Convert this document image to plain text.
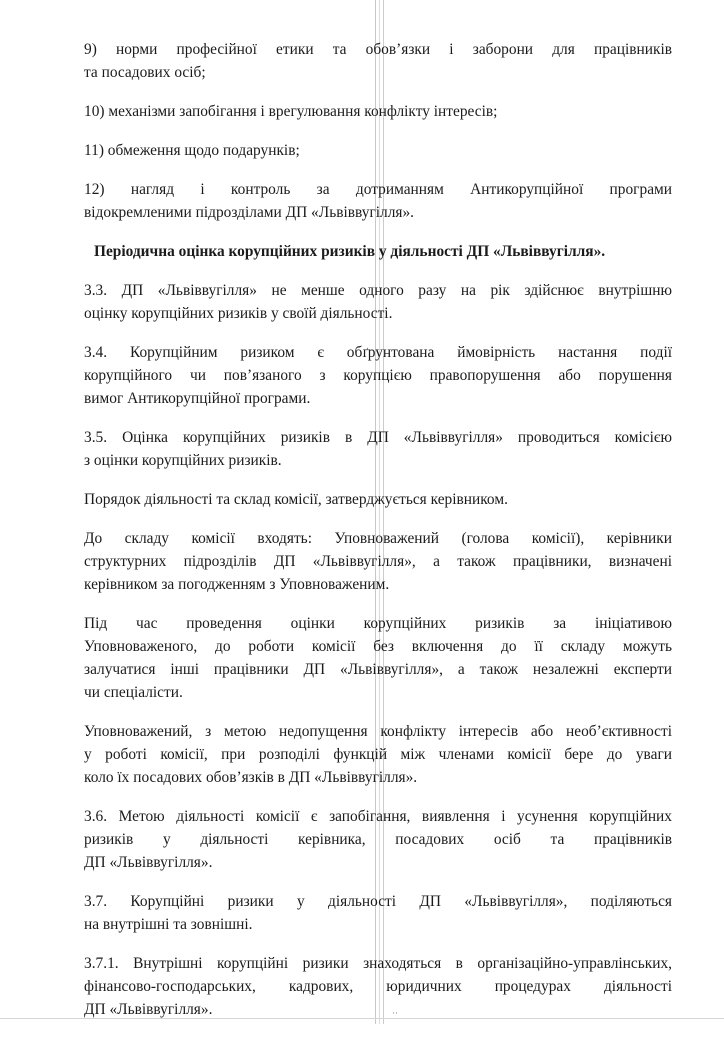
9) норми професійної етики та обов’язки і заборони для працівників
та посадових осіб;
10) механізми запобігання і врегулювання конфлікту інтересів;
11) обмеження щодо подарунків;
12) нагляд і контроль за дотриманням Антикорупційної програми
відокремленими підрозділами ДП «Львіввугілля».
Періодична оцінка корупційних ризиків у діяльності ДП «Львіввугілля».
3.3. ДП «Львіввугілля» не менше одного разу на рік здійснює внутрішню
оцінку корупційних ризиків у своїй діяльності.
3.4. Корупційним ризиком є обґрунтована ймовірність настання події
корупційного чи пов’язаного з корупцією правопорушення або порушення
вимог Антикорупційної програми.
3.5. Оцінка корупційних ризиків в ДП «Львіввугілля» проводиться комісією
з оцінки корупційних ризиків.
Порядок діяльності та склад комісії, затверджується керівником.
До складу комісії входять: Уповноважений (голова комісії), керівники
структурних підрозділів ДП «Львіввугілля», а також працівники, визначені
керівником за погодженням з Уповноваженим.
Під час проведення оцінки корупційних ризиків за ініціативою
Уповноваженого, до роботи комісії без включення до її складу можуть
залучатися інші працівники ДП «Львіввугілля», а також незалежні експерти
чи спеціалісти.
Уповноважений, з метою недопущення конфлікту інтересів або необ’єктивності
у роботі комісії, при розподілі функцій між членами комісії бере до уваги
коло їх посадових обов’язків в ДП «Львіввугілля».
3.6. Метою діяльності комісії є запобігання, виявлення і усунення корупційних
ризиків у діяльності керівника, посадових осіб та працівників
ДП «Львіввугілля».
3.7. Корупційні ризики у діяльності ДП «Львіввугілля», поділяються
на внутрішні та зовнішні.
3.7.1. Внутрішні корупційні ризики знаходяться в організаційно-управлінських,
фінансово-господарських, кадрових, юридичних процедурах діяльності
ДП «Львіввугілля».	··
